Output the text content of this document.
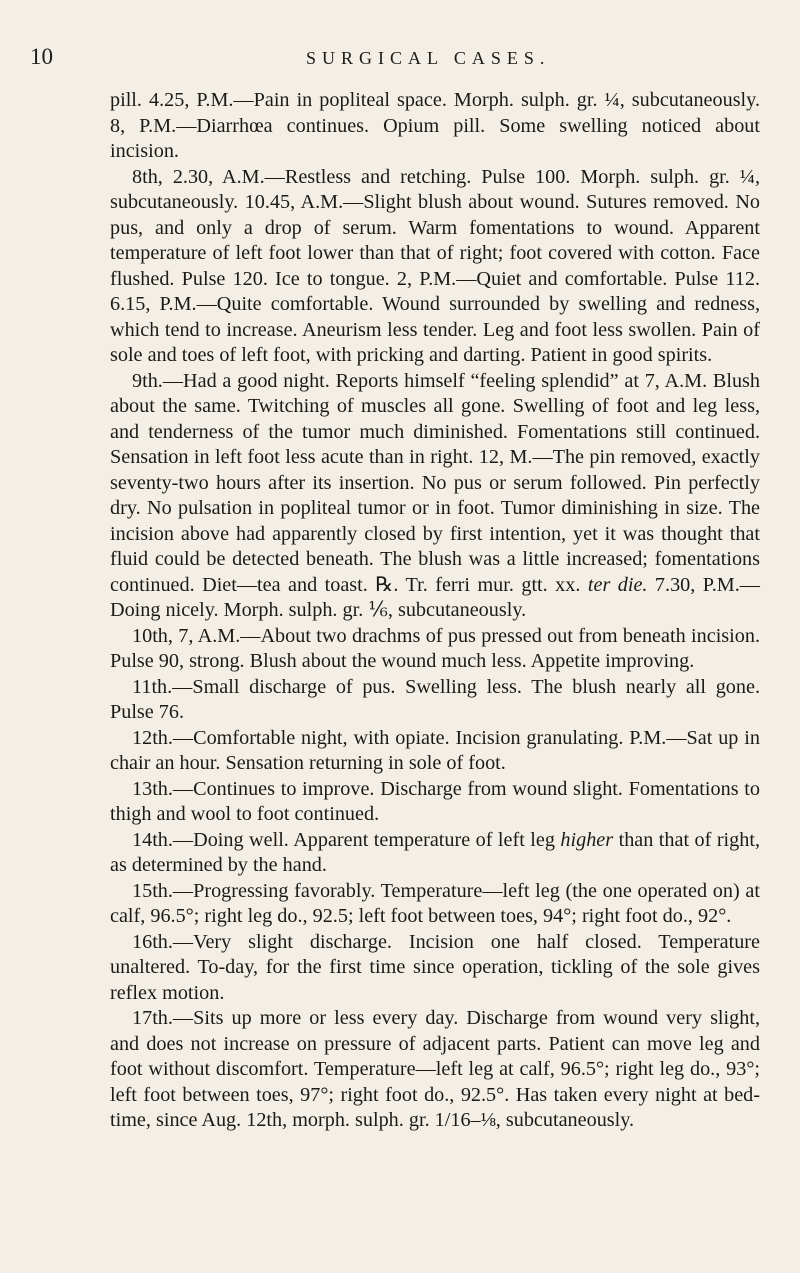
10	SURGICAL CASES.

pill. 4.25, P.M.—Pain in popliteal space. Morph. sulph. gr. ¼, subcutaneously. 8, P.M.—Diarrhœa continues. Opium pill. Some swelling noticed about incision.

8th, 2.30, A.M.—Restless and retching. Pulse 100. Morph. sulph. gr. ¼, subcutaneously. 10.45, A.M.—Slight blush about wound. Sutures removed. No pus, and only a drop of serum. Warm fomentations to wound. Apparent temperature of left foot lower than that of right; foot covered with cotton. Face flushed. Pulse 120. Ice to tongue. 2, P.M.—Quiet and comfortable. Pulse 112. 6.15, P.M.—Quite comfortable. Wound surrounded by swelling and redness, which tend to increase. Aneurism less tender. Leg and foot less swollen. Pain of sole and toes of left foot, with pricking and darting. Patient in good spirits.

9th.—Had a good night. Reports himself “feeling splendid” at 7, A.M. Blush about the same. Twitching of muscles all gone. Swelling of foot and leg less, and tenderness of the tumor much diminished. Fomentations still continued. Sensation in left foot less acute than in right. 12, M.—The pin removed, exactly seventy-two hours after its insertion. No pus or serum followed. Pin perfectly dry. No pulsation in popliteal tumor or in foot. Tumor diminishing in size. The incision above had apparently closed by first intention, yet it was thought that fluid could be detected beneath. The blush was a little increased; fomentations continued. Diet—tea and toast. ℞. Tr. ferri mur. gtt. xx. ter die. 7.30, P.M.—Doing nicely. Morph. sulph. gr. ⅙, subcutaneously.

10th, 7, A.M.—About two drachms of pus pressed out from beneath incision. Pulse 90, strong. Blush about the wound much less. Appetite improving.

11th.—Small discharge of pus. Swelling less. The blush nearly all gone. Pulse 76.

12th.—Comfortable night, with opiate. Incision granulating. P.M.—Sat up in chair an hour. Sensation returning in sole of foot.

13th.—Continues to improve. Discharge from wound slight. Fomentations to thigh and wool to foot continued.

14th.—Doing well. Apparent temperature of left leg higher than that of right, as determined by the hand.

15th.—Progressing favorably. Temperature—left leg (the one operated on) at calf, 96.5°; right leg do., 92.5; left foot between toes, 94°; right foot do., 92°.

16th.—Very slight discharge. Incision one half closed. Temperature unaltered. To-day, for the first time since operation, tickling of the sole gives reflex motion.

17th.—Sits up more or less every day. Discharge from wound very slight, and does not increase on pressure of adjacent parts. Patient can move leg and foot without discomfort. Temperature—left leg at calf, 96.5°; right leg do., 93°; left foot between toes, 97°; right foot do., 92.5°. Has taken every night at bed-time, since Aug. 12th, morph. sulph. gr. 1/16–⅛, subcutaneously.
